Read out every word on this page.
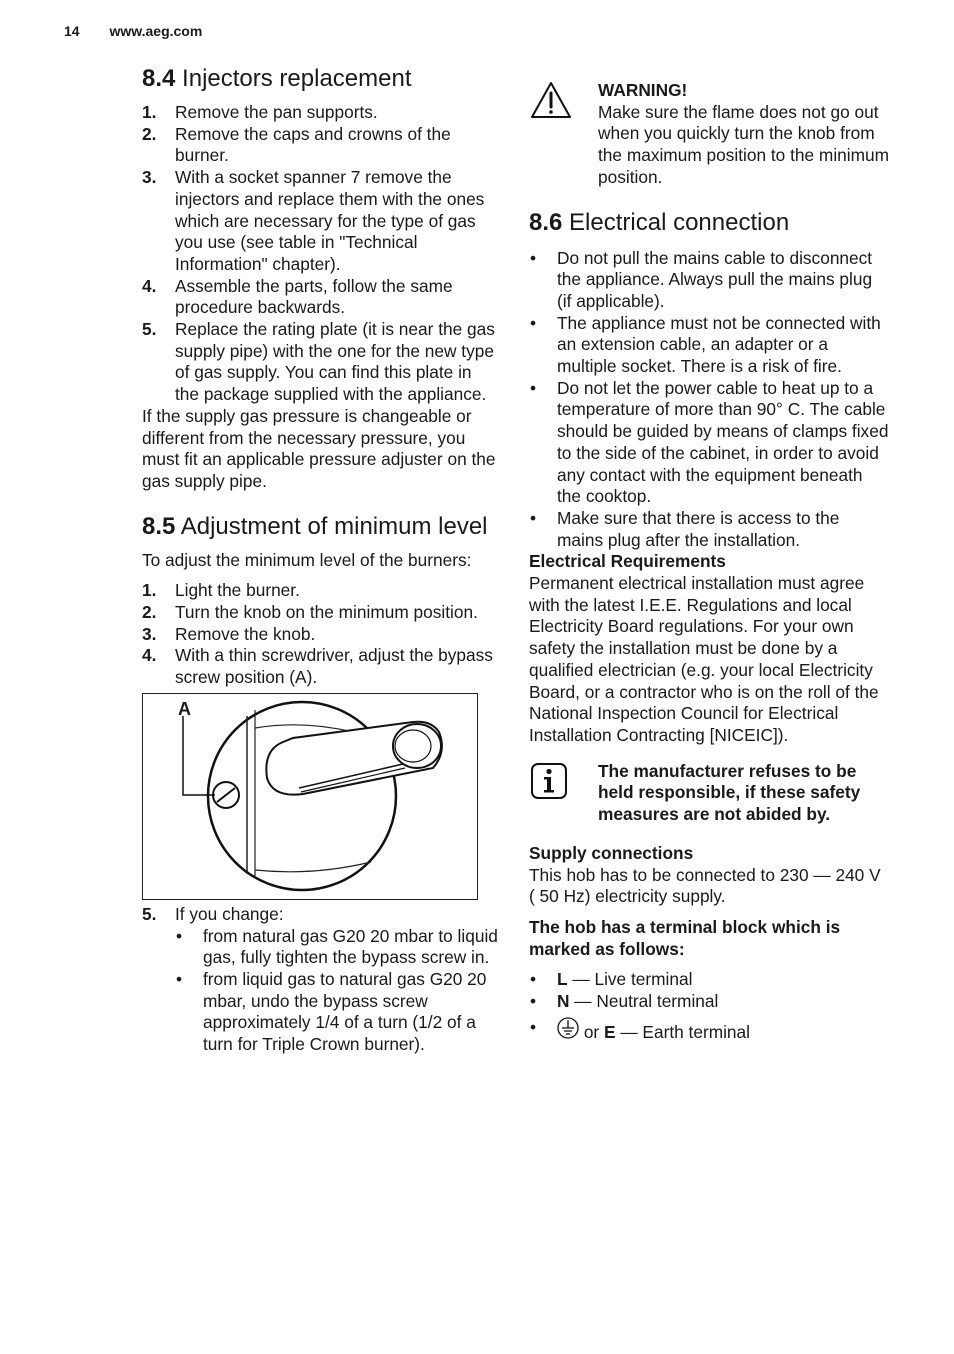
14 www.aeg.com
8.4 Injectors replacement
1.	Remove the pan supports.
2.	Remove the caps and crowns of the burner.
3.	With a socket spanner 7 remove the injectors and replace them with the ones which are necessary for the type of gas you use (see table in "Technical Information" chapter).
4.	Assemble the parts, follow the same procedure backwards.
5.	Replace the rating plate (it is near the gas supply pipe) with the one for the new type of gas supply. You can find this plate in the package supplied with the appliance.

If the supply gas pressure is changeable or different from the necessary pressure, you must fit an applicable pressure adjuster on the gas supply pipe.

8.5 Adjustment of minimum level

To adjust the minimum level of the burners:

1.	Light the burner.
2.	Turn the knob on the minimum position.
3.	Remove the knob.
4.	With a thin screwdriver, adjust the bypass screw position (A).
A
5.	If you change:
•	from natural gas G20 20 mbar to liquid gas, fully tighten the bypass screw in.
•	from liquid gas to natural gas G20 20 mbar, undo the bypass screw approximately 1/4 of a turn (1/2 of a turn for Triple Crown burner).
WARNING!
Make sure the flame does not go out when you quickly turn the knob from the maximum position to the minimum position.
8.6 Electrical connection
•	Do not pull the mains cable to disconnect the appliance. Always pull the mains plug (if applicable).
•	The appliance must not be connected with an extension cable, an adapter or a multiple socket. There is a risk of fire.
•	Do not let the power cable to heat up to a temperature of more than 90° C. The cable should be guided by means of clamps fixed to the side of the cabinet, in order to avoid any contact with the equipment beneath the cooktop.
•	Make sure that there is access to the mains plug after the installation.
Electrical Requirements

Permanent electrical installation must agree with the latest I.E.E. Regulations and local Electricity Board regulations. For your own safety the installation must be done by a qualified electrician (e.g. your local Electricity Board, or a contractor who is on the roll of the National Inspection Council for Electrical Installation Contracting [NICEIC]).

The manufacturer refuses to be held responsible, if these safety measures are not abided by.
Supply connections

This hob has to be connected to 230 — 240 V ( 50 Hz) electricity supply.

The hob has a terminal block which is marked as follows:
•	L — Live terminal
•	N — Neutral terminal
•	or E — Earth terminal
